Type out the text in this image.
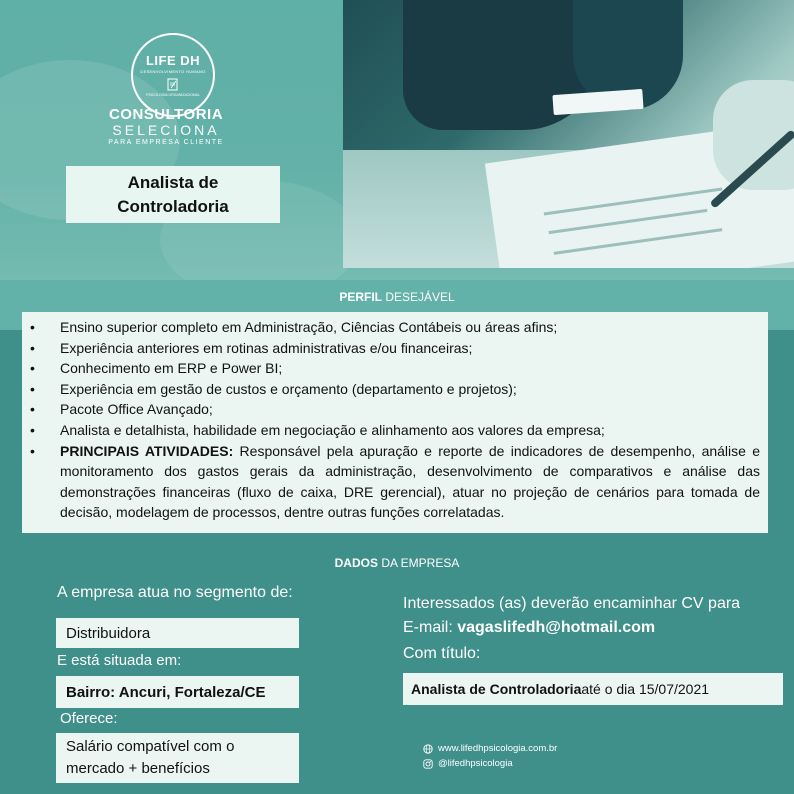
LIFE DH
DESENVOLVIMENTO HUMANO
PSICOLOGIA ORGANIZACIONAL
CONSULTORIA
SELECIONA
PARA EMPRESA CLIENTE
Analista de Controladoria
PERFIL DESEJÁVEL
• Ensino superior completo em Administração, Ciências Contábeis ou áreas afins;
• Experiência anteriores em rotinas administrativas e/ou financeiras;
• Conhecimento em ERP e Power BI;
• Experiência em gestão de custos e orçamento (departamento e projetos);
• Pacote Office Avançado;
• Analista e detalhista, habilidade em negociação e alinhamento aos valores da empresa;
• PRINCIPAIS ATIVIDADES: Responsável pela apuração e reporte de indicadores de desempenho, análise e monitoramento dos gastos gerais da administração, desenvolvimento de comparativos e análise das demonstrações financeiras (fluxo de caixa, DRE gerencial), atuar no projeção de cenários para tomada de decisão, modelagem de processos, dentre outras funções correlatadas.
DADOS DA EMPRESA
A empresa atua no segmento de:
Distribuidora
E está situada em:
Bairro: Ancuri, Fortaleza/CE
Oferece:
Salário compatível com o
mercado + benefícios
Interessados (as) deverão encaminhar CV para
E-mail: vagaslifedh@hotmail.com
Com título:
Analista de Controladoria até o dia 15/07/2021
www.lifedhpsicologia.com.br
@lifedhpsicologia
